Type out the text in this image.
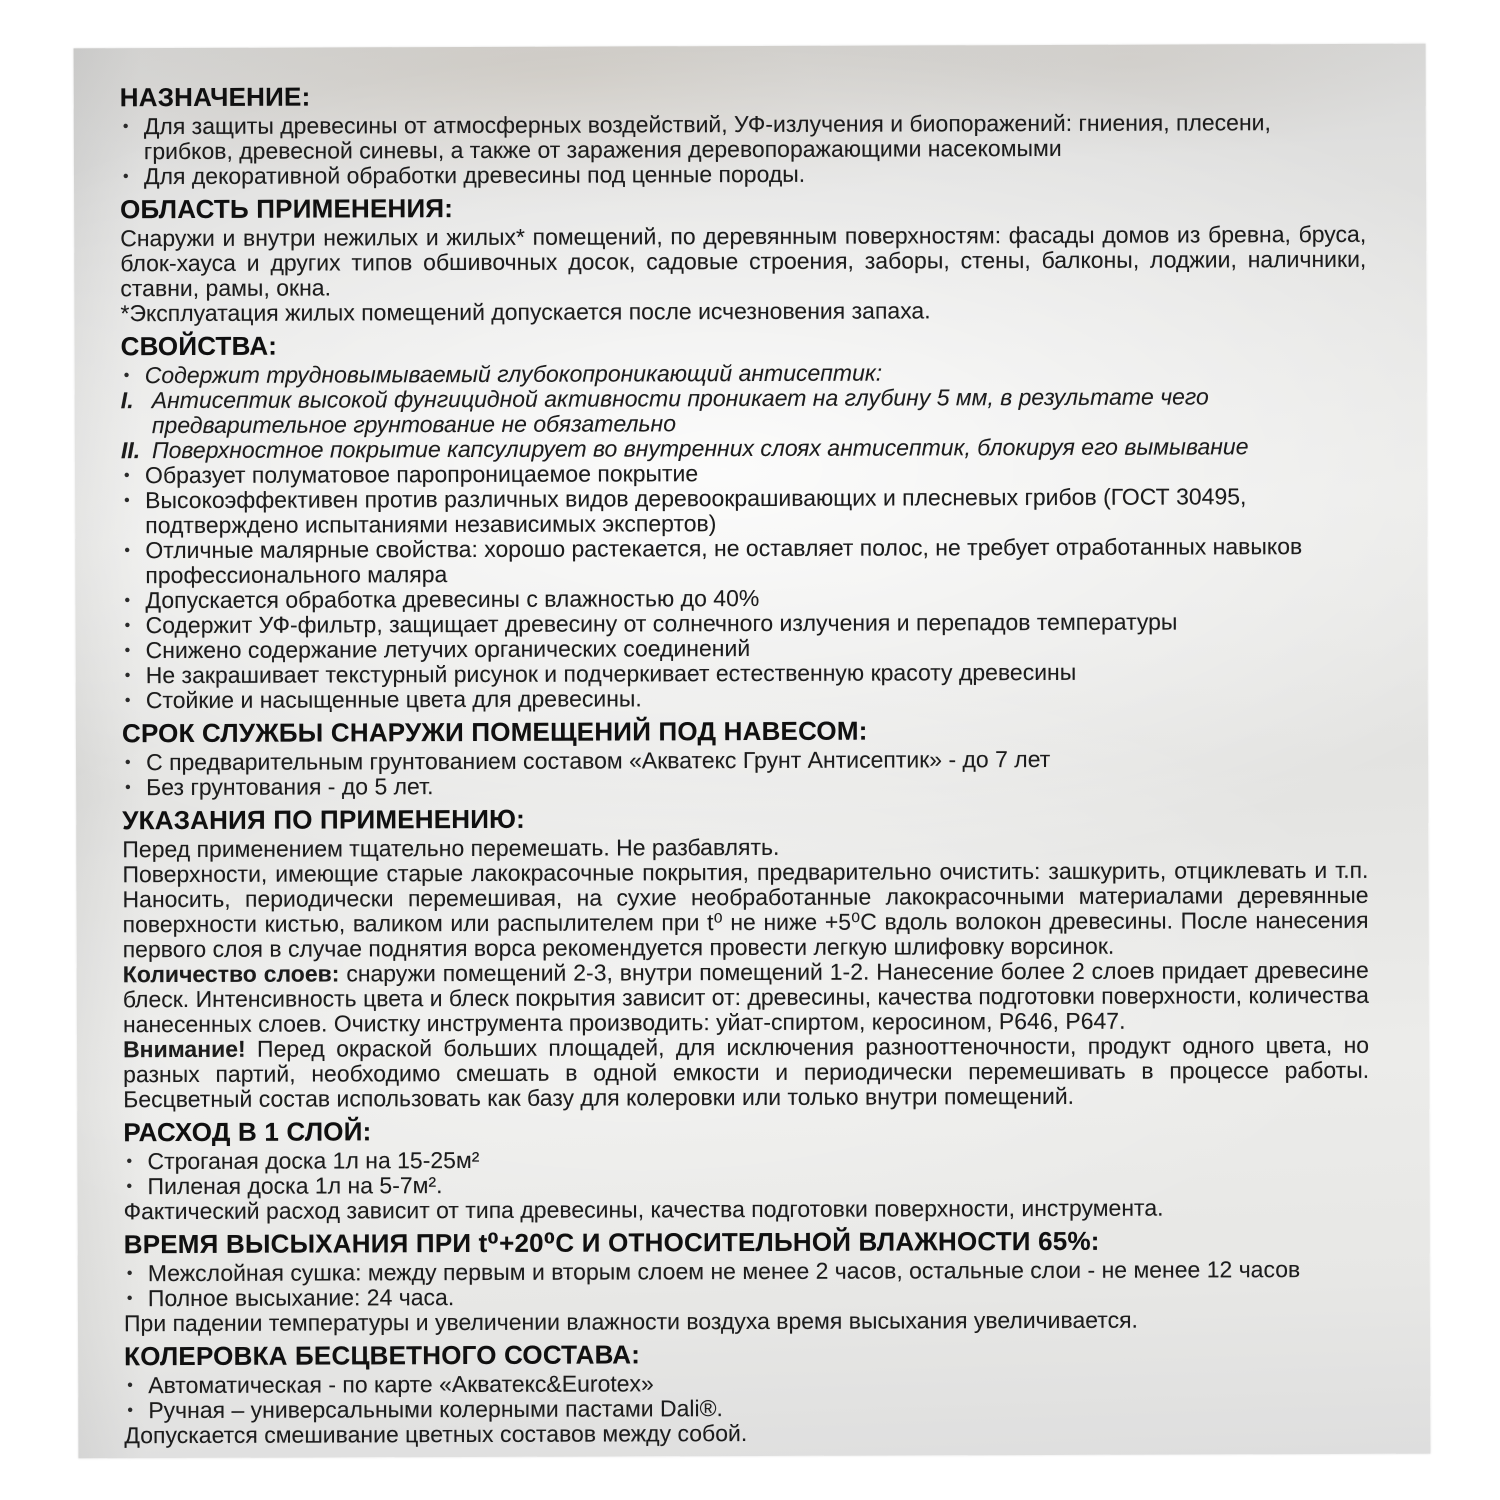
НАЗНАЧЕНИЕ:
• Для защиты древесины от атмосферных воздействий, УФ-излучения и биопоражений: гниения, плесени, грибков, древесной синевы, а также от заражения деревопоражающими насекомыми
• Для декоративной обработки древесины под ценные породы.
ОБЛАСТЬ ПРИМЕНЕНИЯ:

Снаружи и внутри нежилых и жилых* помещений, по деревянным поверхностям: фасады домов из бревна, бруса, блок-хауса и других типов обшивочных досок, садовые строения, заборы, стены, балконы, лоджии, наличники, ставни, рамы, окна.

*Эксплуатация жилых помещений допускается после исчезновения запаха.

СВОЙСТВА:
• Содержит трудновымываемый глубокопроникающий антисептик:
I. Антисептик высокой фунгицидной активности проникает на глубину 5 мм, в результате чего предварительное грунтование не обязательно
II. Поверхностное покрытие капсулирует во внутренних слоях антисептик, блокируя его вымывание
• Образует полуматовое паропроницаемое покрытие
• Высокоэффективен против различных видов деревоокрашивающих и плесневых грибов (ГОСТ 30495, подтверждено испытаниями независимых экспертов)
• Отличные малярные свойства: хорошо растекается, не оставляет полос, не требует отработанных навыков профессионального маляра
• Допускается обработка древесины с влажностью до 40%
• Содержит УФ-фильтр, защищает древесину от солнечного излучения и перепадов температуры
• Снижено содержание летучих органических соединений
• Не закрашивает текстурный рисунок и подчеркивает естественную красоту древесины
• Стойкие и насыщенные цвета для древесины.
СРОК СЛУЖБЫ СНАРУЖИ ПОМЕЩЕНИЙ ПОД НАВЕСОМ:
• С предварительным грунтованием составом «Акватекс Грунт Антисептик» - до 7 лет
• Без грунтования - до 5 лет.
УКАЗАНИЯ ПО ПРИМЕНЕНИЮ:

Перед применением тщательно перемешать. Не разбавлять.

Поверхности, имеющие старые лакокрасочные покрытия, предварительно очистить: зашкурить, отциклевать и т.п. Наносить, периодически перемешивая, на сухие необработанные лакокрасочными материалами деревянные поверхности кистью, валиком или распылителем при t⁰ не ниже +5⁰С вдоль волокон древесины. После нанесения первого слоя в случае поднятия ворса рекомендуется провести легкую шлифовку ворсинок.

Количество слоев: снаружи помещений 2-3, внутри помещений 1-2. Нанесение более 2 слоев придает древесине блеск. Интенсивность цвета и блеск покрытия зависит от: древесины, качества подготовки поверхности, количества нанесенных слоев. Очистку инструмента производить: уйат-спиртом, керосином, Р646, Р647.

Внимание! Перед окраской больших площадей, для исключения разнооттеночности, продукт одного цвета, но разных партий, необходимо смешать в одной емкости и периодически перемешивать в процессе работы. Бесцветный состав использовать как базу для колеровки или только внутри помещений.

РАСХОД В 1 СЛОЙ:
• Строганая доска 1л на 15-25м²
• Пиленая доска 1л на 5-7м².

Фактический расход зависит от типа древесины, качества подготовки поверхности, инструмента.

ВРЕМЯ ВЫСЫХАНИЯ ПРИ t⁰+20⁰С И ОТНОСИТЕЛЬНОЙ ВЛАЖНОСТИ 65%:
• Межслойная сушка: между первым и вторым слоем не менее 2 часов, остальные слои - не менее 12 часов
• Полное высыхание: 24 часа.

При падении температуры и увеличении влажности воздуха время высыхания увеличивается.

КОЛЕРОВКА БЕСЦВЕТНОГО СОСТАВА:
• Автоматическая - по карте «Акватекс&Eurotex»
• Ручная – универсальными колерными пастами Dali®.

Допускается смешивание цветных составов между собой.
